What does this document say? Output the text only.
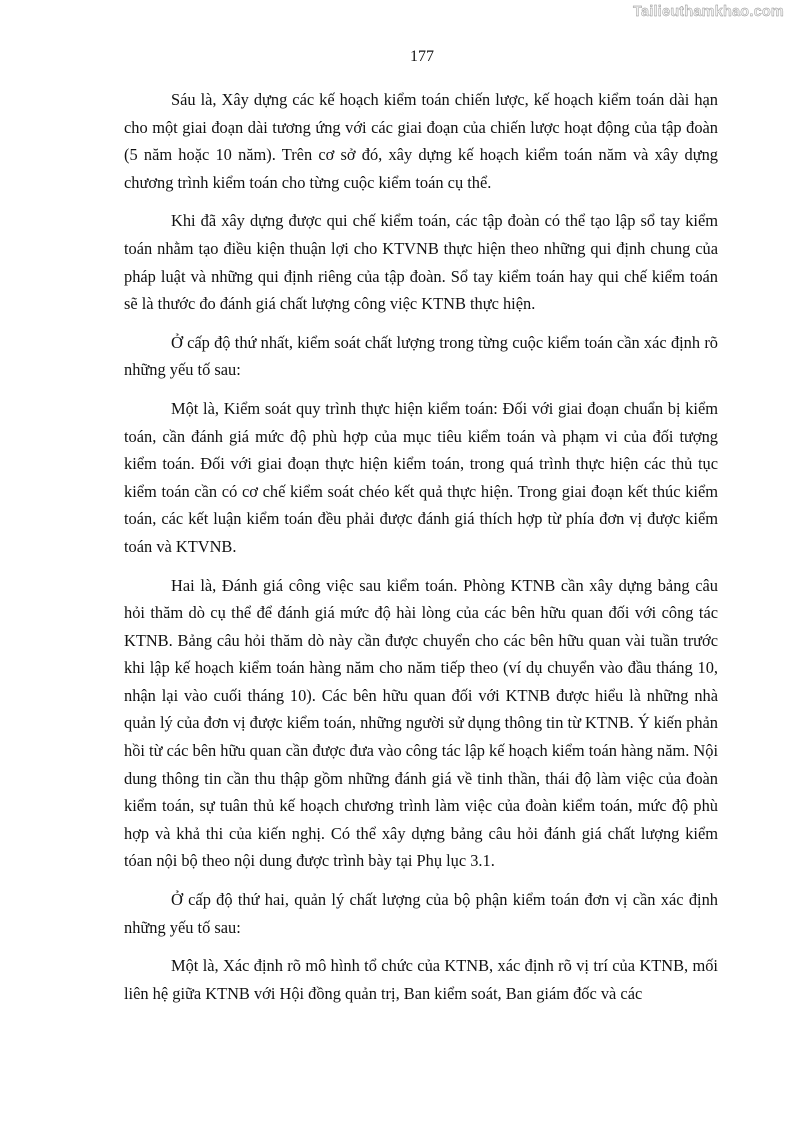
Tailieuthamkhao.com
177

Sáu là, Xây dựng các kế hoạch kiểm toán chiến lược, kế hoạch kiểm toán dài hạn cho một giai đoạn dài tương ứng với các giai đoạn của chiến lược hoạt động của tập đoàn (5 năm hoặc 10 năm). Trên cơ sở đó, xây dựng kế hoạch kiểm toán năm và xây dựng chương trình kiểm toán cho từng cuộc kiểm toán cụ thể.

Khi đã xây dựng được qui chế kiểm toán, các tập đoàn có thể tạo lập sổ tay kiểm toán nhằm tạo điều kiện thuận lợi cho KTVNB thực hiện theo những qui định chung của pháp luật và những qui định riêng của tập đoàn. Sổ tay kiểm toán hay qui chế kiểm toán sẽ là thước đo đánh giá chất lượng công việc KTNB thực hiện.

Ở cấp độ thứ nhất, kiểm soát chất lượng trong từng cuộc kiểm toán cần xác định rõ những yếu tố sau:

Một là, Kiểm soát quy trình thực hiện kiểm toán: Đối với giai đoạn chuẩn bị kiểm toán, cần đánh giá mức độ phù hợp của mục tiêu kiểm toán và phạm vi của đối tượng kiểm toán. Đối với giai đoạn thực hiện kiểm toán, trong quá trình thực hiện các thủ tục kiểm toán cần có cơ chế kiểm soát chéo kết quả thực hiện. Trong giai đoạn kết thúc kiểm toán, các kết luận kiểm toán đều phải được đánh giá thích hợp từ phía đơn vị được kiểm toán và KTVNB.

Hai là, Đánh giá công việc sau kiểm toán. Phòng KTNB cần xây dựng bảng câu hỏi thăm dò cụ thể để đánh giá mức độ hài lòng của các bên hữu quan đối với công tác KTNB. Bảng câu hỏi thăm dò này cần được chuyển cho các bên hữu quan vài tuần trước khi lập kế hoạch kiểm toán hàng năm cho năm tiếp theo (ví dụ chuyển vào đầu tháng 10, nhận lại vào cuối tháng 10). Các bên hữu quan đối với KTNB được hiểu là những nhà quản lý của đơn vị được kiểm toán, những người sử dụng thông tin từ KTNB. Ý kiến phản hồi từ các bên hữu quan cần được đưa vào công tác lập kế hoạch kiểm toán hàng năm. Nội dung thông tin cần thu thập gồm những đánh giá về tinh thần, thái độ làm việc của đoàn kiểm toán, sự tuân thủ kế hoạch chương trình làm việc của đoàn kiểm toán, mức độ phù hợp và khả thi của kiến nghị. Có thể xây dựng bảng câu hỏi đánh giá chất lượng kiểm tóan nội bộ theo nội dung được trình bày tại Phụ lục 3.1.

Ở cấp độ thứ hai, quản lý chất lượng của bộ phận kiểm toán đơn vị cần xác định những yếu tố sau:

Một là, Xác định rõ mô hình tổ chức của KTNB, xác định rõ vị trí của KTNB, mối liên hệ giữa KTNB với Hội đồng quản trị, Ban kiểm soát, Ban giám đốc và các
